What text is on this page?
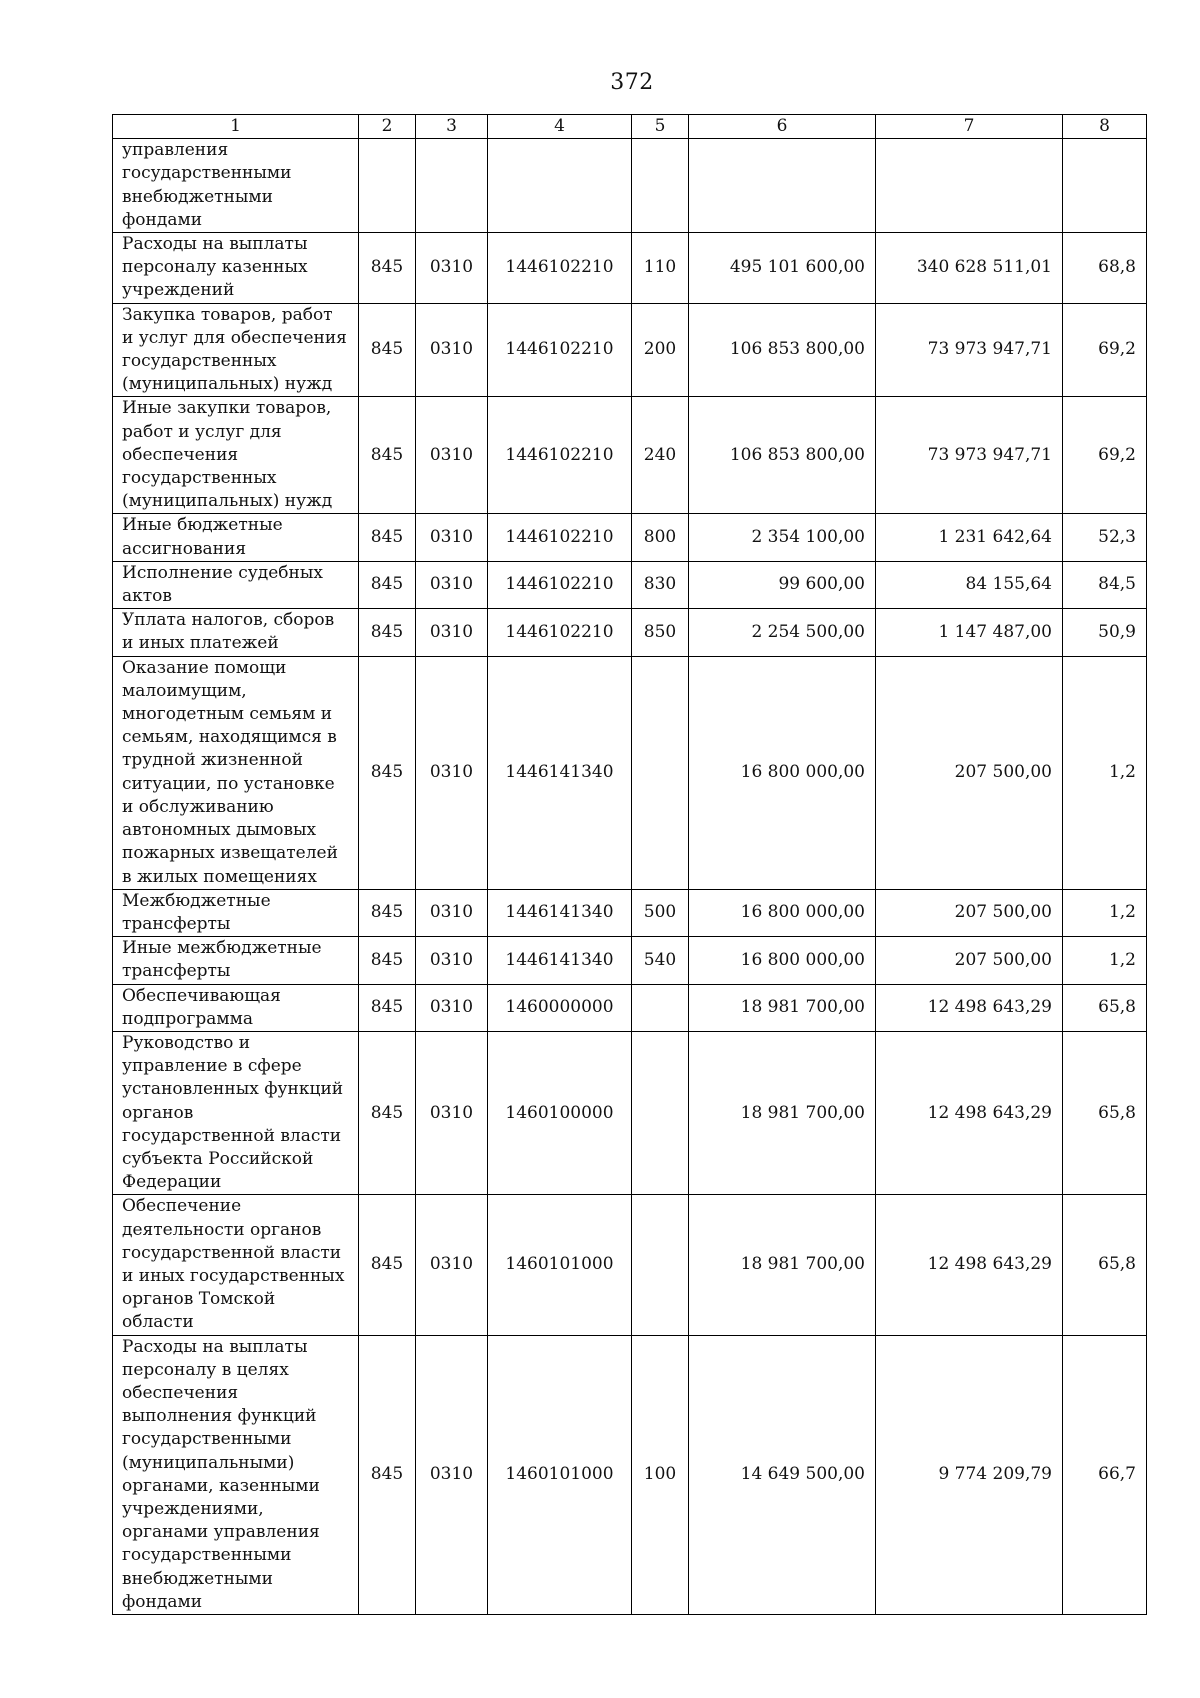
372
1	2	3	4	5	6	7	8
управления государственными внебюджетными фондами							
Расходы на выплаты персоналу казенных учреждений	845	0310	1446102210	110	495 101 600,00	340 628 511,01	68,8
Закупка товаров, работ и услуг для обеспечения государственных (муниципальных) нужд	845	0310	1446102210	200	106 853 800,00	73 973 947,71	69,2
Иные закупки товаров, работ и услуг для обеспечения государственных (муниципальных) нужд	845	0310	1446102210	240	106 853 800,00	73 973 947,71	69,2
Иные бюджетные ассигнования	845	0310	1446102210	800	2 354 100,00	1 231 642,64	52,3
Исполнение судебных актов	845	0310	1446102210	830	99 600,00	84 155,64	84,5
Уплата налогов, сборов и иных платежей	845	0310	1446102210	850	2 254 500,00	1 147 487,00	50,9
Оказание помощи малоимущим, многодетным семьям и семьям, находящимся в трудной жизненной ситуации, по установке и обслуживанию автономных дымовых пожарных извещателей в жилых помещениях	845	0310	1446141340		16 800 000,00	207 500,00	1,2
Межбюджетные трансферты	845	0310	1446141340	500	16 800 000,00	207 500,00	1,2
Иные межбюджетные трансферты	845	0310	1446141340	540	16 800 000,00	207 500,00	1,2
Обеспечивающая подпрограмма	845	0310	1460000000		18 981 700,00	12 498 643,29	65,8
Руководство и управление в сфере установленных функций органов государственной власти субъекта Российской Федерации	845	0310	1460100000		18 981 700,00	12 498 643,29	65,8
Обеспечение деятельности органов государственной власти и иных государственных органов Томской области	845	0310	1460101000		18 981 700,00	12 498 643,29	65,8
Расходы на выплаты персоналу в целях обеспечения выполнения функций государственными (муниципальными) органами, казенными учреждениями, органами управления государственными внебюджетными фондами	845	0310	1460101000	100	14 649 500,00	9 774 209,79	66,7
